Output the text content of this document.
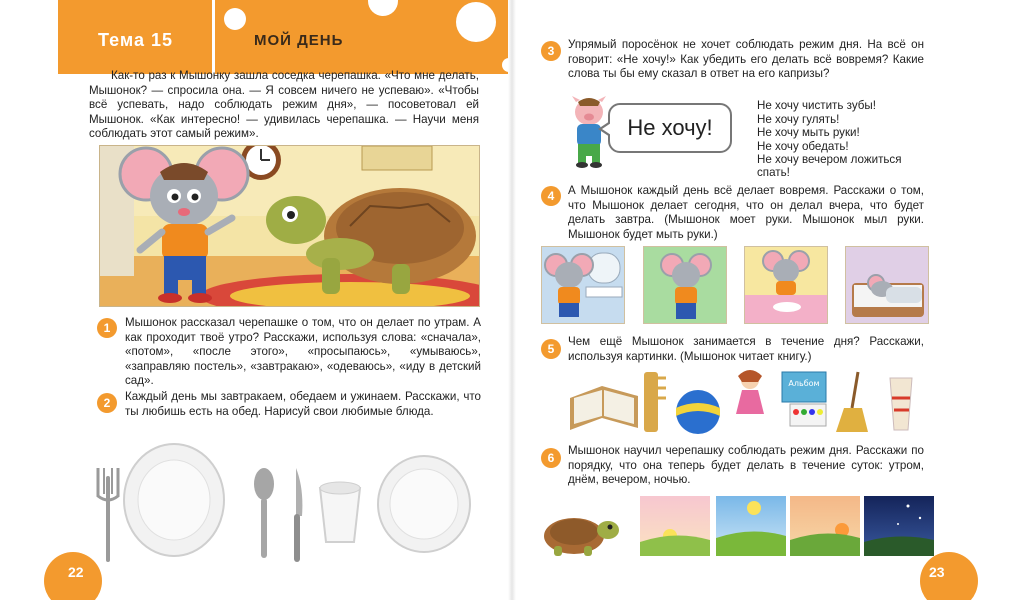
Тема 15	МОЙ ДЕНЬ
Как-то раз к Мышонку зашла соседка черепашка. «Что мне делать, Мышонок? — спросила она. — Я совсем ничего не успеваю». «Чтобы всё успевать, надо соблюдать режим дня», — посоветовал ей Мышонок. «Как интересно! — удивилась черепашка. — Научи меня соблюдать этот самый режим».
1	Мышонок рассказал черепашке о том, что он делает по утрам. А как проходит твоё утро? Расскажи, используя слова: «сначала», «потом», «после этого», «просыпаюсь», «умываюсь», «заправляю постель», «завтракаю», «одеваюсь», «иду в детский сад».
2	Каждый день мы завтракаем, обедаем и ужинаем. Расскажи, что ты любишь есть на обед. Нарисуй свои любимые блюда.
22
3	Упрямый поросёнок не хочет соблюдать режим дня. На всё он говорит: «Не хочу!» Как убедить его делать всё вовремя? Какие слова ты бы ему сказал в ответ на его капризы?
Не хочу!
Не хочу чистить зубы!
Не хочу гулять!
Не хочу мыть руки!
Не хочу обедать!
Не хочу вечером ложиться
спать!
4	А Мышонок каждый день всё делает вовремя. Расскажи о том, что Мышонок делает сегодня, что он делал вчера, что будет делать завтра. (Мышонок моет руки. Мышонок мыл руки. Мышонок будет мыть руки.)
5
Чем ещё Мышонок занимается в течение дня? Расскажи, используя картинки. (Мышонок читает книгу.)
Альбом
6
Мышонок научил черепашку соблюдать режим дня. Расскажи по порядку, что она теперь будет делать в течение суток: утром, днём, вечером, ночью.
23
